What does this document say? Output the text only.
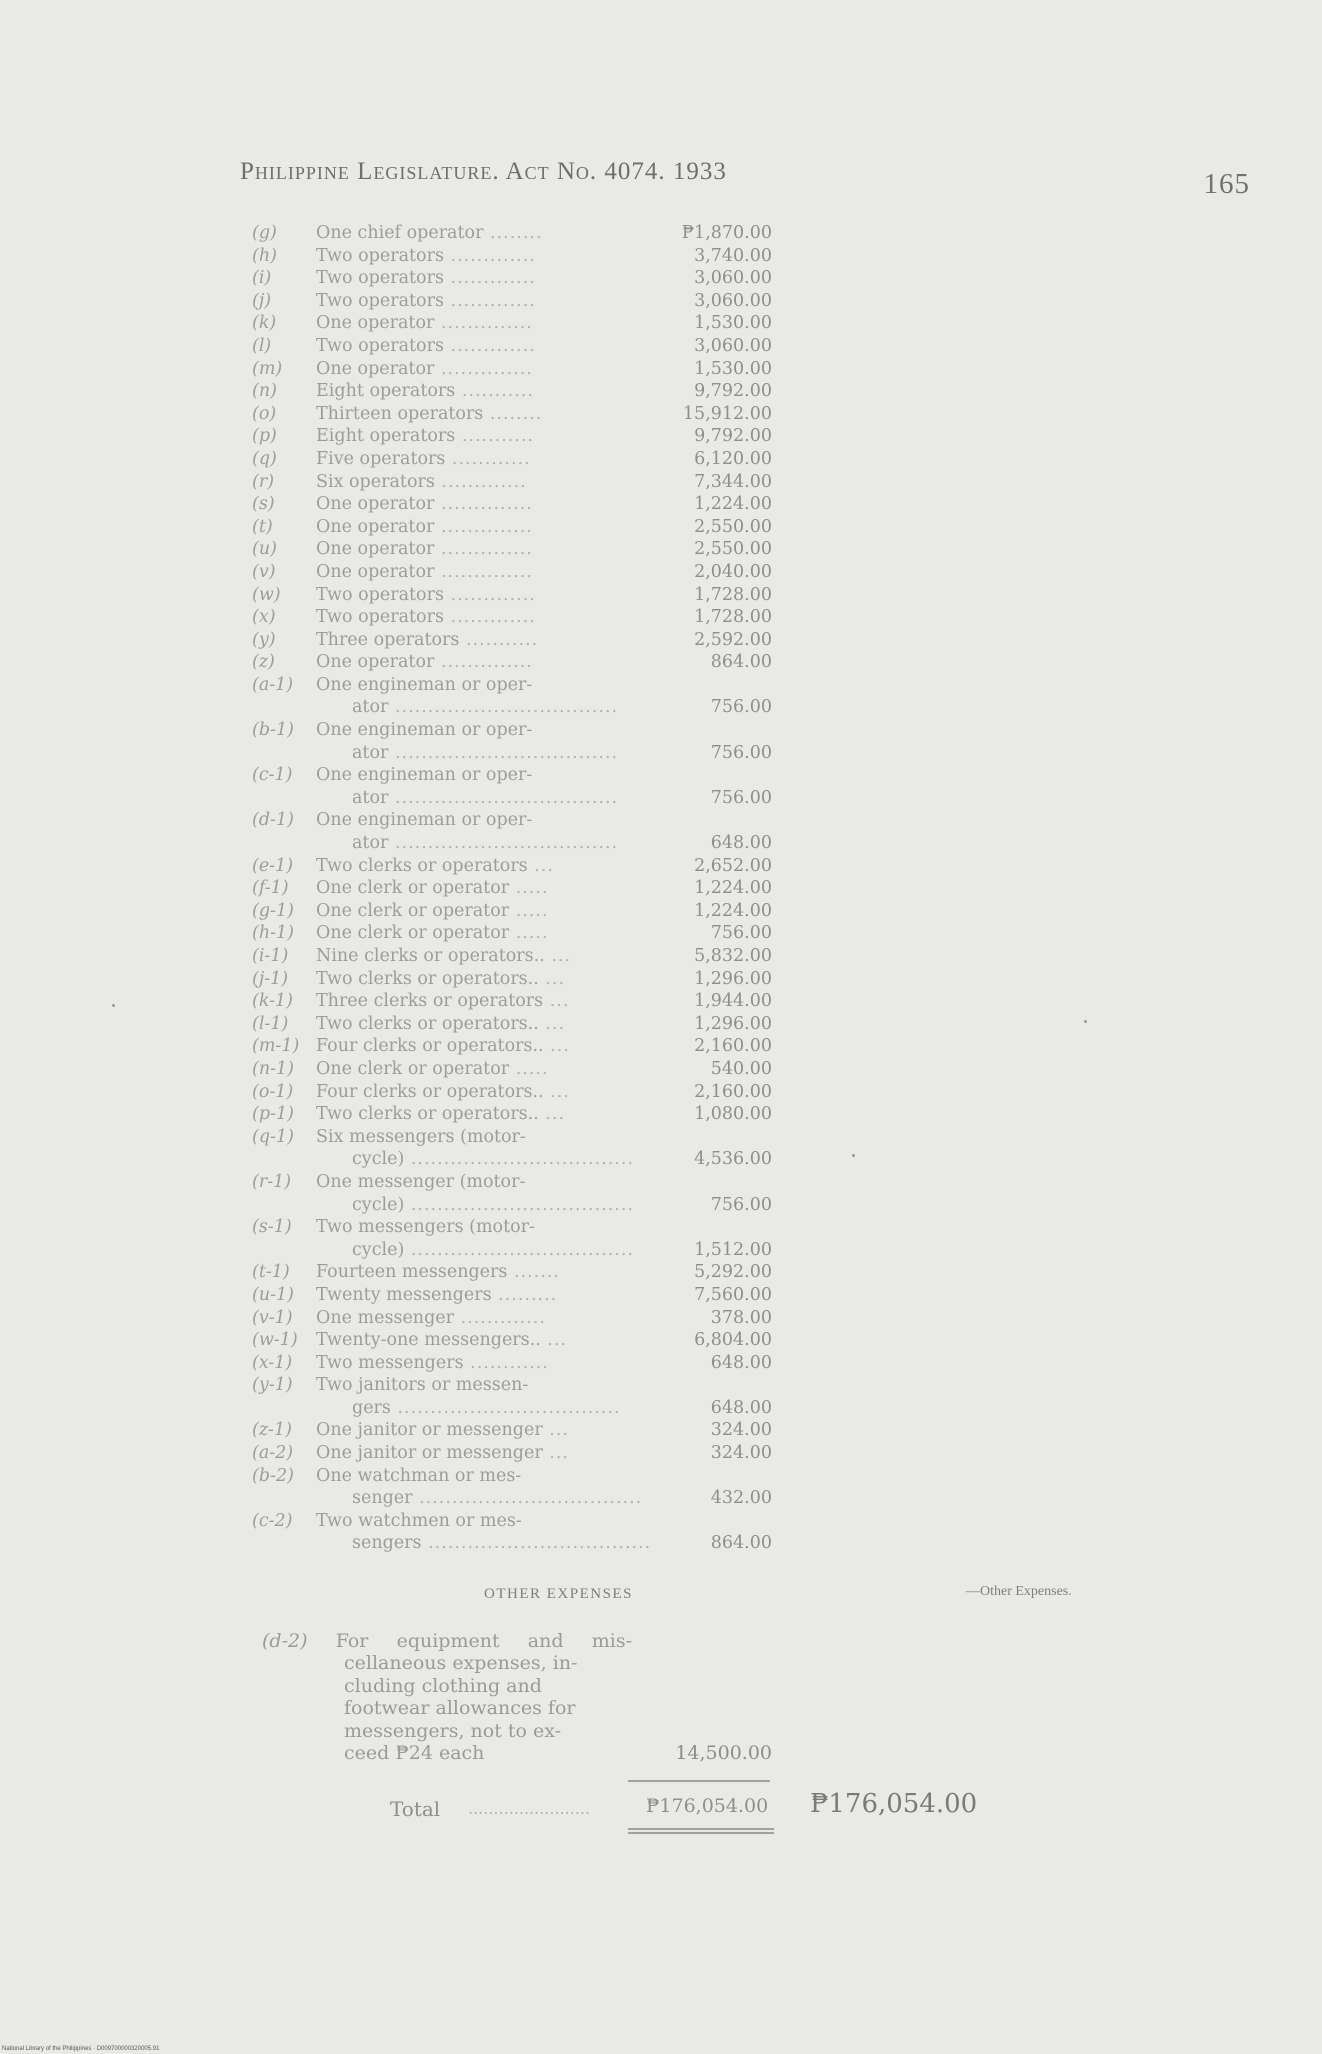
Philippine Legislature. Act No. 4074. 1933	165
(g) One chief operator ........	₱1,870.00
(h) Two operators .............	3,740.00
(i)	Two operators .............	3,060.00
(j)	Two operators .............	3,060.00
(k) One operator ..............	1,530.00
(l)	Two operators .............	3,060.00
(m) One operator ..............	1,530.00
(n) Eight operators ...........	9,792.00
(o) Thirteen operators ........	15,912.00
(p) Eight operators ...........	9,792.00
(q) Five operators ............	6,120.00
(r) Six operators .............	7,344.00
(s) One operator ..............	1,224.00
(t) One operator ..............	2,550.00
(u) One operator ..............	2,550.00
(v) One operator ..............	2,040.00
(w) Two operators .............	1,728.00
(x) Two operators .............	1,728.00
(y) Three operators ...........	2,592.00
(z) One operator ..............	864.00
(a-1) One engineman or oper-
ator ..................................	756.00
(b-1) One engineman or oper-
ator ..................................	756.00
(c-1) One engineman or oper-
ator ..................................	756.00
(d-1) One engineman or oper-
ator ..................................	648.00
(e-1) Two clerks or operators ...	2,652.00
(f-1) One clerk or operator .....	1,224.00
(g-1) One clerk or operator .....	1,224.00
(h-1) One clerk or operator .....	756.00
(i-1) Nine clerks or operators.. ...	5,832.00
(j-1) Two clerks or operators.. ...	1,296.00
(k-1) Three clerks or operators ...	1,944.00
(l-1) Two clerks or operators.. ...	1,296.00
(m-1) Four clerks or operators.. ...	2,160.00
(n-1) One clerk or operator .....	540.00
(o-1) Four clerks or operators.. ...	2,160.00
(p-1) Two clerks or operators.. ...	1,080.00
(q-1) Six messengers (motor-
cycle) ..................................	4,536.00
(r-1) One messenger (motor-
cycle) ..................................	756.00
(s-1) Two messengers (motor-
cycle) ..................................	1,512.00
(t-1) Fourteen messengers .......	5,292.00
(u-1) Twenty messengers .........	7,560.00
(v-1) One messenger .............	378.00
(w-1) Twenty-one messengers.. ...	6,804.00
(x-1) Two messengers ............	648.00
(y-1) Two janitors or messen-
gers ..................................	648.00
(z-1) One janitor or messenger ...	324.00
(a-2) One janitor or messenger ...	324.00
(b-2) One watchman or mes-
senger ..................................	432.00
(c-2) Two watchmen or mes-
sengers ..................................	864.00
OTHER EXPENSES	—Other Expenses.
(d-2) For equipment and mis-
cellaneous expenses, in-
cluding clothing and
footwear allowances for
messengers, not to ex-
ceed ₱24 each	14,500.00
Total ........................	₱176,054.00 ₱176,054.00
National Library of the Philippines · D009700000320005.91
